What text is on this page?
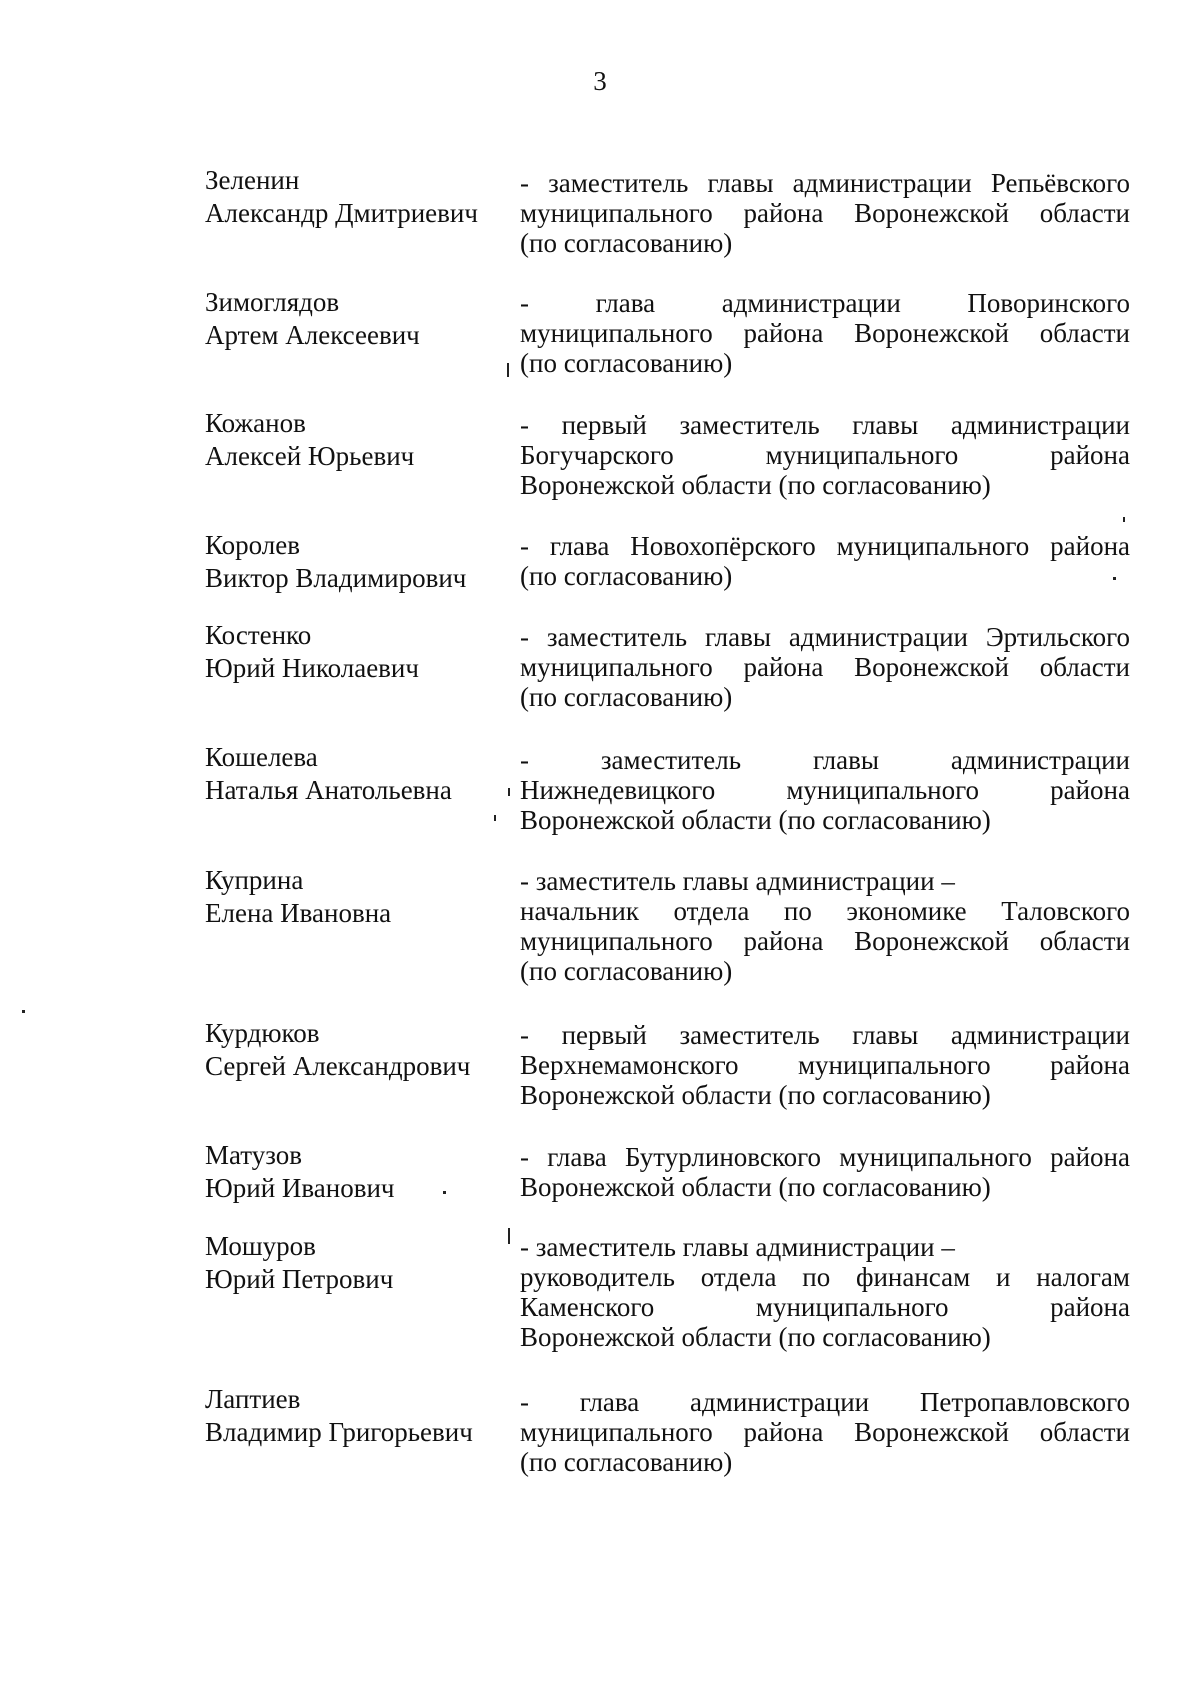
3
Зеленин
Александр Дмитриевич
- заместитель главы администрации Репьёвского
муниципального района Воронежской области
(по согласованию)
Зимоглядов
Артем Алексеевич
- глава администрации Поворинского
муниципального района Воронежской области
(по согласованию)
Кожанов
Алексей Юрьевич
- первый заместитель главы администрации
Богучарского муниципального района
Воронежской области (по согласованию)
Королев
Виктор Владимирович
- глава Новохопёрского муниципального района
(по согласованию)
Костенко
Юрий Николаевич
- заместитель главы администрации Эртильского
муниципального района Воронежской области
(по согласованию)
Кошелева
Наталья Анатольевна
- заместитель главы администрации
Нижнедевицкого муниципального района
Воронежской области (по согласованию)
Куприна
Елена Ивановна
- заместитель главы администрации –
начальник отдела по экономике Таловского
муниципального района Воронежской области
(по согласованию)
Курдюков
Сергей Александрович
- первый заместитель главы администрации
Верхнемамонского муниципального района
Воронежской области (по согласованию)
Матузов
Юрий Иванович
- глава Бутурлиновского муниципального района
Воронежской области (по согласованию)
Мошуров
Юрий Петрович
- заместитель главы администрации –
руководитель отдела по финансам и налогам
Каменского муниципального района
Воронежской области (по согласованию)
Лаптиев
Владимир Григорьевич
- глава администрации Петропавловского
муниципального района Воронежской области
(по согласованию)
